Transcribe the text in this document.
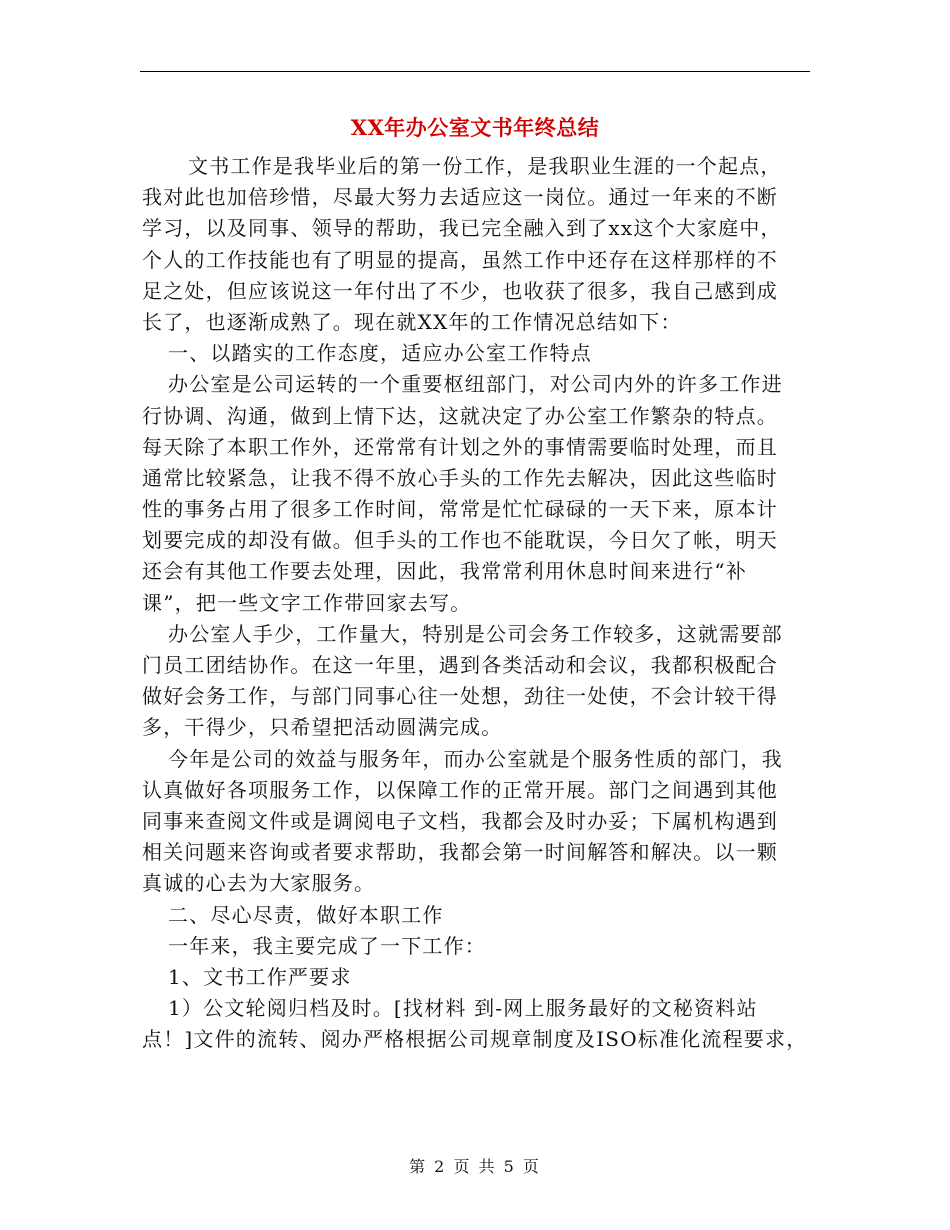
XX年办公室文书年终总结
文书工作是我毕业后的第一份工作，是我职业生涯的一个起点，
我对此也加倍珍惜，尽最大努力去适应这一岗位。通过一年来的不断
学习，以及同事、领导的帮助，我已完全融入到了xx这个大家庭中，
个人的工作技能也有了明显的提高，虽然工作中还存在这样那样的不
足之处，但应该说这一年付出了不少，也收获了很多，我自己感到成
长了，也逐渐成熟了。现在就XX年的工作情况总结如下：
一、以踏实的工作态度，适应办公室工作特点
办公室是公司运转的一个重要枢纽部门，对公司内外的许多工作进
行协调、沟通，做到上情下达，这就决定了办公室工作繁杂的特点。
每天除了本职工作外，还常常有计划之外的事情需要临时处理，而且
通常比较紧急，让我不得不放心手头的工作先去解决，因此这些临时
性的事务占用了很多工作时间，常常是忙忙碌碌的一天下来，原本计
划要完成的却没有做。但手头的工作也不能耽误，今日欠了帐，明天
还会有其他工作要去处理，因此，我常常利用休息时间来进行“补
课”，把一些文字工作带回家去写。
办公室人手少，工作量大，特别是公司会务工作较多，这就需要部
门员工团结协作。在这一年里，遇到各类活动和会议，我都积极配合
做好会务工作，与部门同事心往一处想，劲往一处使，不会计较干得
多，干得少，只希望把活动圆满完成。
今年是公司的效益与服务年，而办公室就是个服务性质的部门，我
认真做好各项服务工作，以保障工作的正常开展。部门之间遇到其他
同事来查阅文件或是调阅电子文档，我都会及时办妥；下属机构遇到
相关问题来咨询或者要求帮助，我都会第一时间解答和解决。以一颗
真诚的心去为大家服务。
二、尽心尽责，做好本职工作
一年来，我主要完成了一下工作：
1、文书工作严要求
1）公文轮阅归档及时。[找材料 到-网上服务最好的文秘资料站
点！]文件的流转、阅办严格根据公司规章制度及ISO标准化流程要求，
第 2 页 共 5 页
